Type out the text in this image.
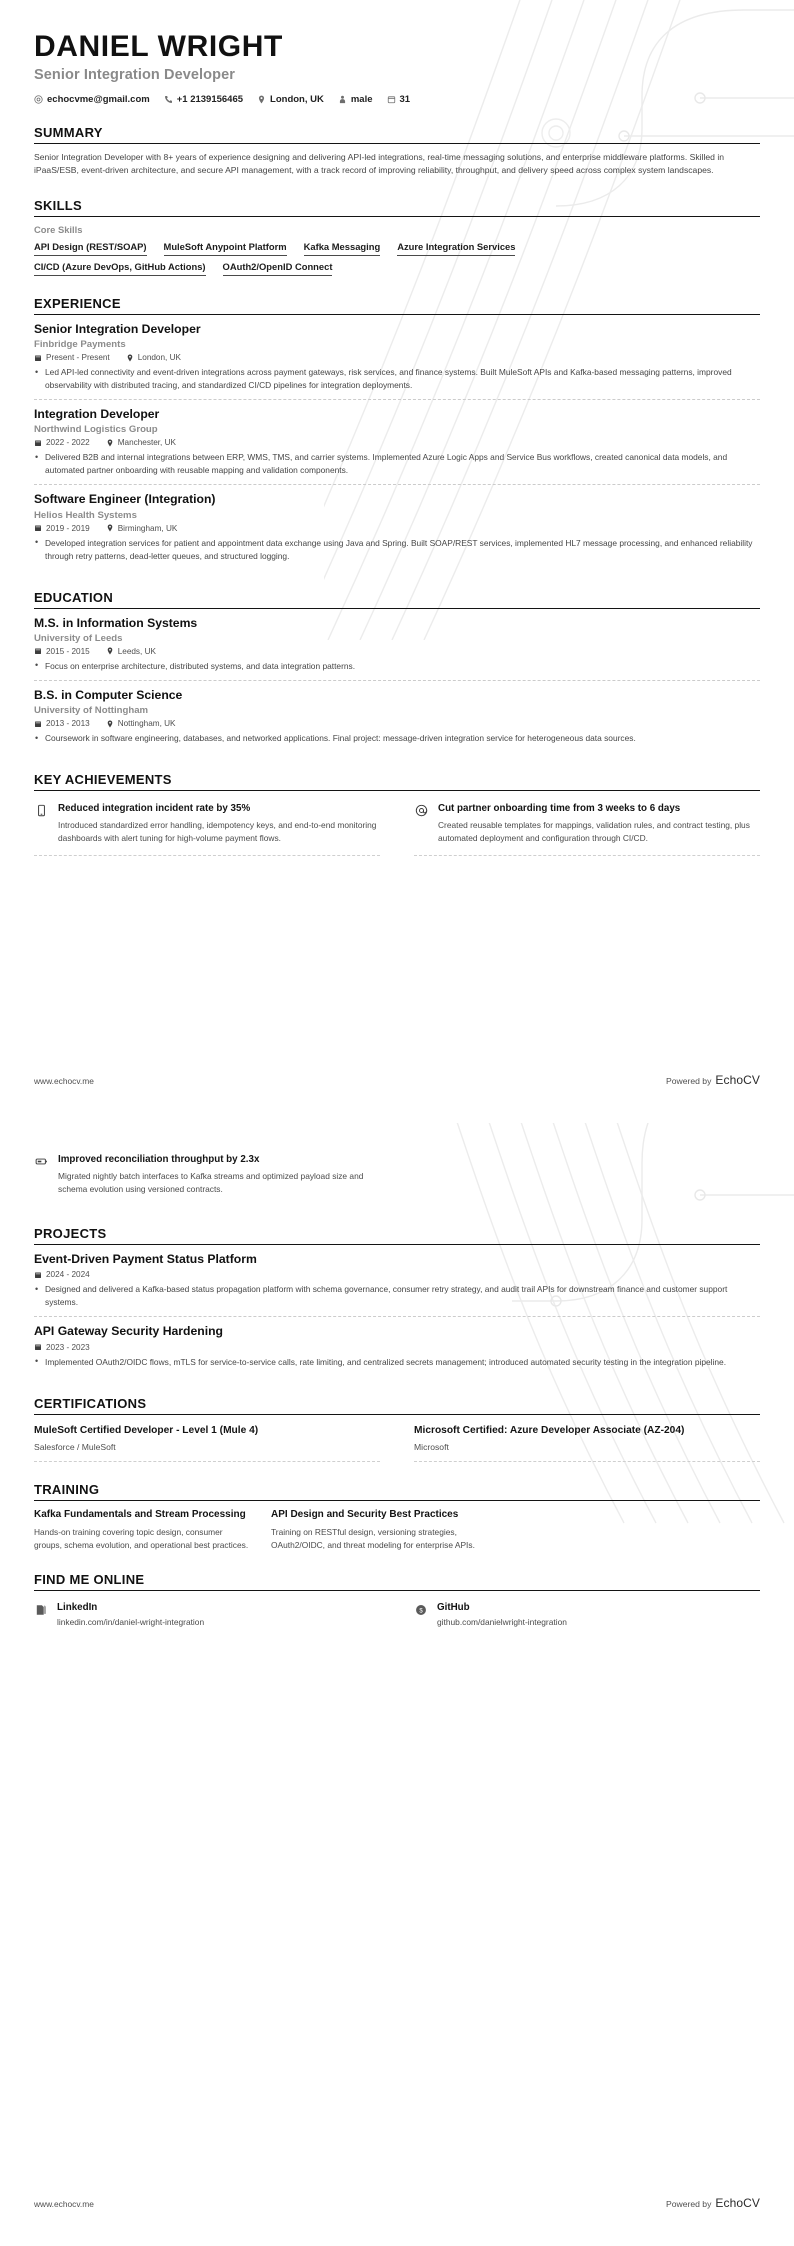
DANIEL WRIGHT
Senior Integration Developer
echocvme@gmail.com	+1 2139156465	London, UK	male	31
SUMMARY
Senior Integration Developer with 8+ years of experience designing and delivering API-led integrations, real-time messaging solutions, and enterprise middleware platforms. Skilled in iPaaS/ESB, event-driven architecture, and secure API management, with a track record of improving reliability, throughput, and delivery speed across complex system landscapes.
SKILLS
Core Skills
API Design (REST/SOAP) MuleSoft Anypoint Platform Kafka Messaging Azure Integration Services
CI/CD (Azure DevOps, GitHub Actions) OAuth2/OpenID Connect
EXPERIENCE
Senior Integration Developer
Finbridge Payments
Present - Present	London, UK
• Led API-led connectivity and event-driven integrations across payment gateways, risk services, and finance systems. Built MuleSoft APIs and Kafka-based messaging patterns, improved observability with distributed tracing, and standardized CI/CD pipelines for integration deployments.
Integration Developer
Northwind Logistics Group
2022 - 2022	Manchester, UK
• Delivered B2B and internal integrations between ERP, WMS, TMS, and carrier systems. Implemented Azure Logic Apps and Service Bus workflows, created canonical data models, and automated partner onboarding with reusable mapping and validation components.
Software Engineer (Integration)
Helios Health Systems
2019 - 2019	Birmingham, UK
• Developed integration services for patient and appointment data exchange using Java and Spring. Built SOAP/REST services, implemented HL7 message processing, and enhanced reliability through retry patterns, dead-letter queues, and structured logging.
EDUCATION
M.S. in Information Systems
University of Leeds
2015 - 2015	Leeds, UK
• Focus on enterprise architecture, distributed systems, and data integration patterns.
B.S. in Computer Science
University of Nottingham
2013 - 2013	Nottingham, UK
• Coursework in software engineering, databases, and networked applications. Final project: message-driven integration service for heterogeneous data sources.
KEY ACHIEVEMENTS
Reduced integration incident rate by 35%
Introduced standardized error handling, idempotency keys, and end-to-end monitoring dashboards with alert tuning for high-volume payment flows.
Cut partner onboarding time from 3 weeks to 6 days
Created reusable templates for mappings, validation rules, and contract testing, plus automated deployment and configuration through CI/CD.
www.echocv.me	Powered by EchoCV
Improved reconciliation throughput by 2.3x
Migrated nightly batch interfaces to Kafka streams and optimized payload size and schema evolution using versioned contracts.
PROJECTS
Event-Driven Payment Status Platform
2024 - 2024
• Designed and delivered a Kafka-based status propagation platform with schema governance, consumer retry strategy, and audit trail APIs for downstream finance and customer support systems.
API Gateway Security Hardening
2023 - 2023
• Implemented OAuth2/OIDC flows, mTLS for service-to-service calls, rate limiting, and centralized secrets management; introduced automated security testing in the integration pipeline.
CERTIFICATIONS
MuleSoft Certified Developer - Level 1 (Mule 4)
Salesforce / MuleSoft
Microsoft Certified: Azure Developer Associate (AZ-204)
Microsoft
TRAINING
Kafka Fundamentals and Stream Processing
Hands-on training covering topic design, consumer groups, schema evolution, and operational best practices.
API Design and Security Best Practices
Training on RESTful design, versioning strategies, OAuth2/OIDC, and threat modeling for enterprise APIs.
FIND ME ONLINE
LinkedIn
linkedin.com/in/daniel-wright-integration
$ GitHub
github.com/danielwright-integration
www.echocv.me	Powered by EchoCV
